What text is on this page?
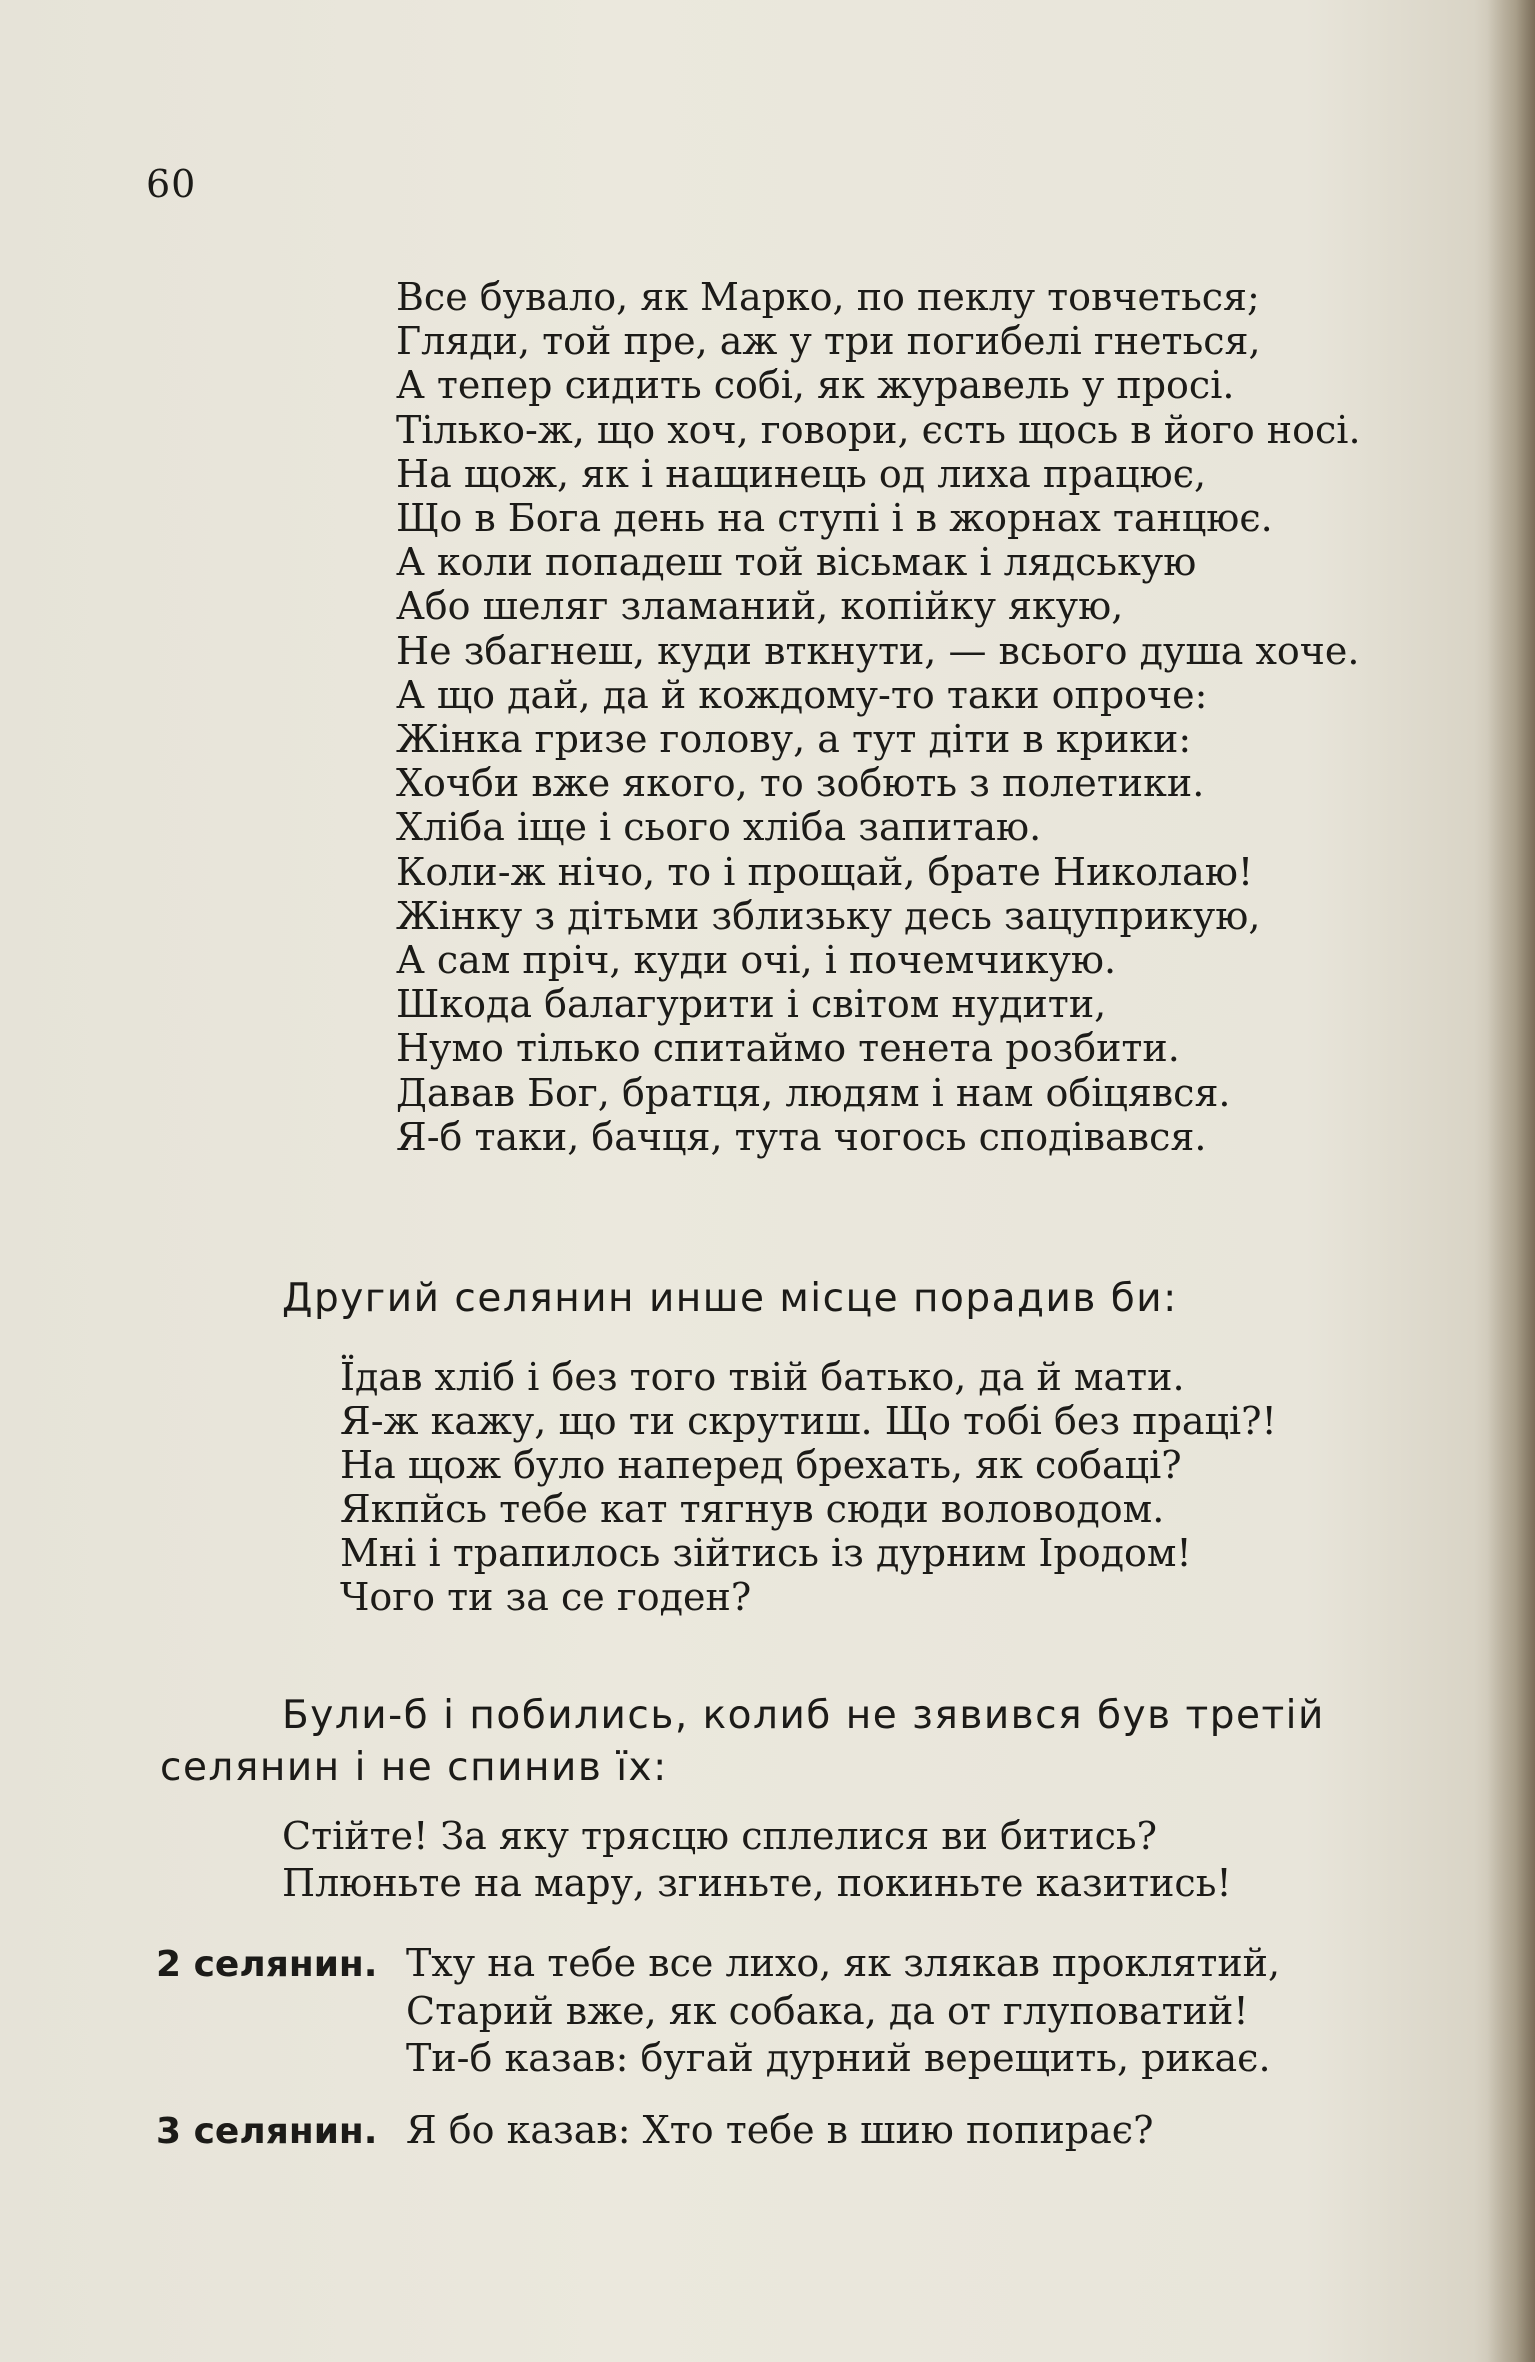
60
Все бувало, як Марко, по пеклу товчеться;
Гляди, той пре, аж у три погибелі гнеться,
А тепер сидить собі, як журавель у просі.
Тілько-ж, що хоч, говори, єсть щось в його носі.
На щож, як і нащинець од лиха працює,
Що в Бога день на ступі і в жорнах танцює.
А коли попадеш той вісьмак і лядськую
Або шеляг зламаний, копійку якую,
Не збагнеш, куди вткнути, — всього душа хоче.
А що дай, да й кождому-то таки опроче:
Жінка гризе голову, а тут діти в крики:
Хочби вже якого, то зобють з полетики.
Хліба іще і сього хліба запитаю.
Коли-ж нічо, то і прощай, брате Николаю!
Жінку з дітьми зблизьку десь зацуприкую,
А сам пріч, куди очі, і почемчикую.
Шкода балагурити і світом нудити,
Нумо тілько спитаймо тенета розбити.
Давав Бог, братця, людям і нам обіцявся.
Я-б таки, бачця, тута чогось сподівався.
Другий селянин инше місце порадив би:
Їдав хліб і без того твій батько, да й мати.
Я-ж кажу, що ти скрутиш. Що тобі без праці?!
На щож було наперед брехать, як собаці?
Якпйсь тебе кат тягнув сюди воловодом.
Мні і трапилось зійтись із дурним Іродом!
Чого ти за се годен?
Були-б і побились, колиб не зявився був третій
селянин і не спинив їх:
Стійте! За яку трясцю сплелися ви битись?
Плюньте на мару, згиньте, покиньте казитись!
2 селянин. Тху на тебе все лихо, як злякав проклятий,
Старий вже, як собака, да от глуповатий!
Ти-б казав: бугай дурний верещить, рикає.
3 селянин. Я бо казав: Хто тебе в шию попирає?
